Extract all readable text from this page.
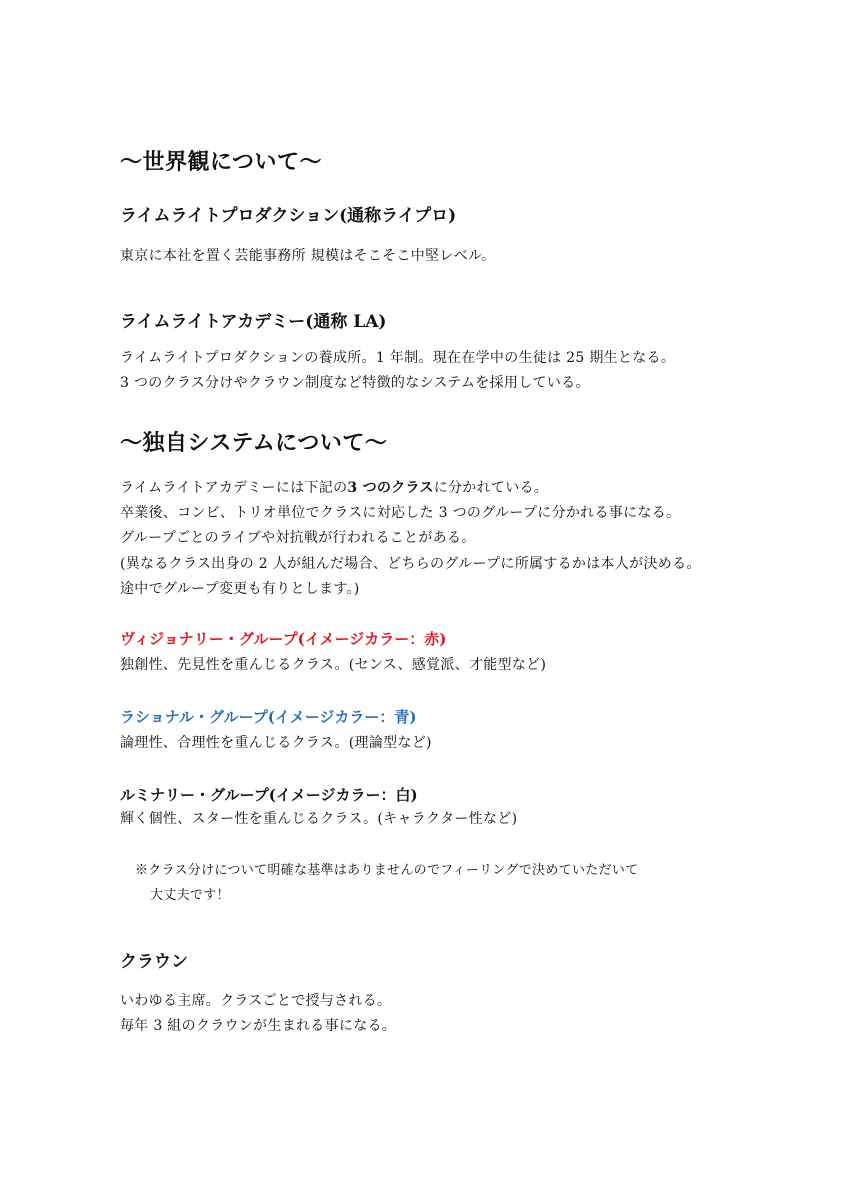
〜世界観について〜
ライムライトプロダクション(通称ライプロ)
東京に本社を置く芸能事務所 規模はそこそこ中堅レベル。
ライムライトアカデミー(通称 LA)
ライムライトプロダクションの養成所。1 年制。現在在学中の生徒は 25 期生となる。
3 つのクラス分けやクラウン制度など特徴的なシステムを採用している。
〜独自システムについて〜
ライムライトアカデミーには下記の3 つのクラスに分かれている。
卒業後、コンビ、トリオ単位でクラスに対応した 3 つのグループに分かれる事になる。
グループごとのライブや対抗戦が行われることがある。
(異なるクラス出身の 2 人が組んだ場合、どちらのグループに所属するかは本人が決める。
途中でグループ変更も有りとします。)
ヴィジョナリー・グループ(イメージカラー：赤)
独創性、先見性を重んじるクラス。(センス、感覚派、才能型など)
ラショナル・グループ(イメージカラー：青)
論理性、合理性を重んじるクラス。(理論型など)
ルミナリー・グループ(イメージカラー：白)
輝く個性、スター性を重んじるクラス。(キャラクター性など)
※クラス分けについて明確な基準はありませんのでフィーリングで決めていただいて
大丈夫です！
クラウン
いわゆる主席。クラスごとで授与される。
毎年 3 組のクラウンが生まれる事になる。
